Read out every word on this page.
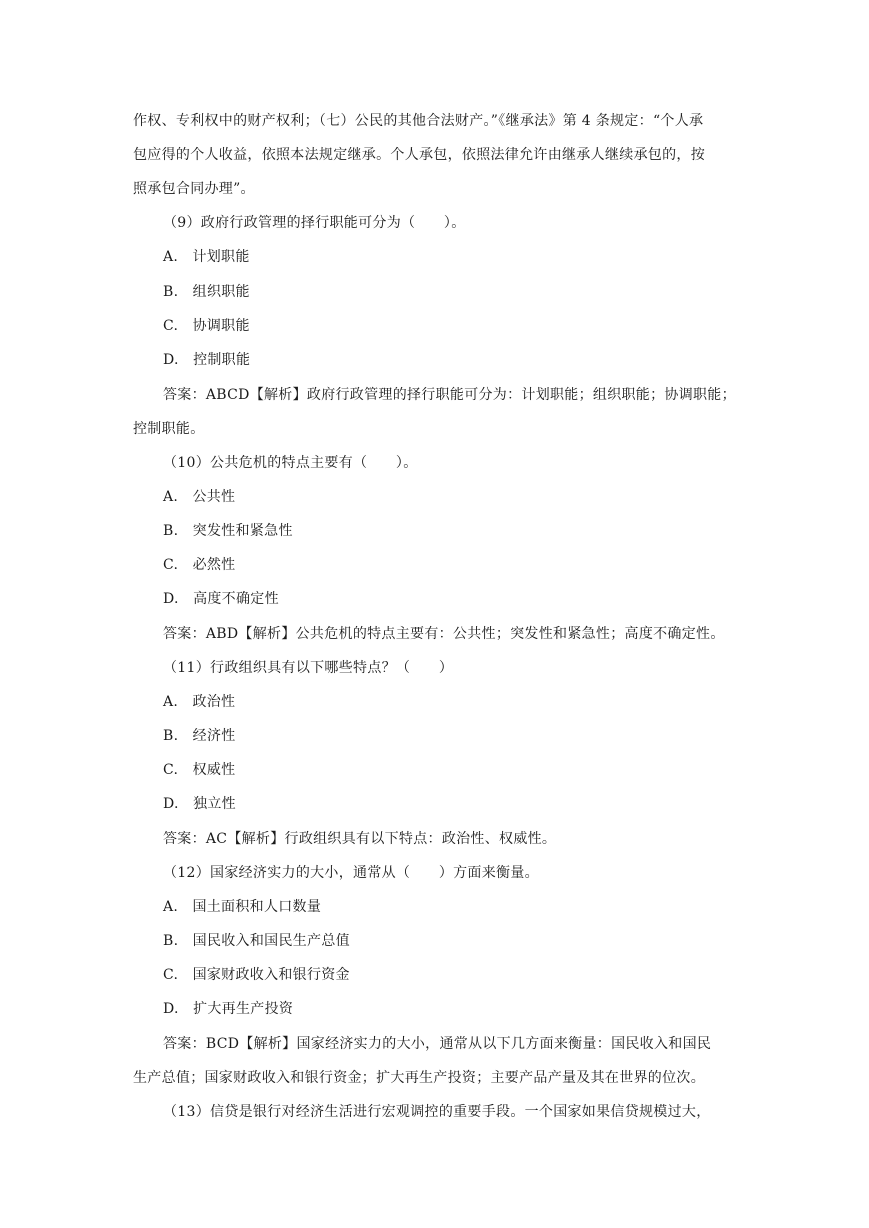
作权、专利权中的财产权利；（七）公民的其他合法财产。”《继承法》第 4 条规定：“个人承
包应得的个人收益，依照本法规定继承。个人承包，依照法律允许由继承人继续承包的，按
照承包合同办理”。
（9）政府行政管理的择行职能可分为（　　）。
A.　计划职能
B.　组织职能
C.　协调职能
D.　控制职能
答案：ABCD【解析】政府行政管理的择行职能可分为：计划职能；组织职能；协调职能；
控制职能。
（10）公共危机的特点主要有（　　）。
A.　公共性
B.　突发性和紧急性
C.　必然性
D.　高度不确定性
答案：ABD【解析】公共危机的特点主要有：公共性；突发性和紧急性；高度不确定性。
（11）行政组织具有以下哪些特点？（　　）
A.　政治性
B.　经济性
C.　权威性
D.　独立性
答案：AC【解析】行政组织具有以下特点：政治性、权威性。
（12）国家经济实力的大小，通常从（　　）方面来衡量。
A.　国土面积和人口数量
B.　国民收入和国民生产总值
C.　国家财政收入和银行资金
D.　扩大再生产投资
答案：BCD【解析】国家经济实力的大小，通常从以下几方面来衡量：国民收入和国民
生产总值；国家财政收入和银行资金；扩大再生产投资；主要产品产量及其在世界的位次。
（13）信贷是银行对经济生活进行宏观调控的重要手段。一个国家如果信贷规模过大，
